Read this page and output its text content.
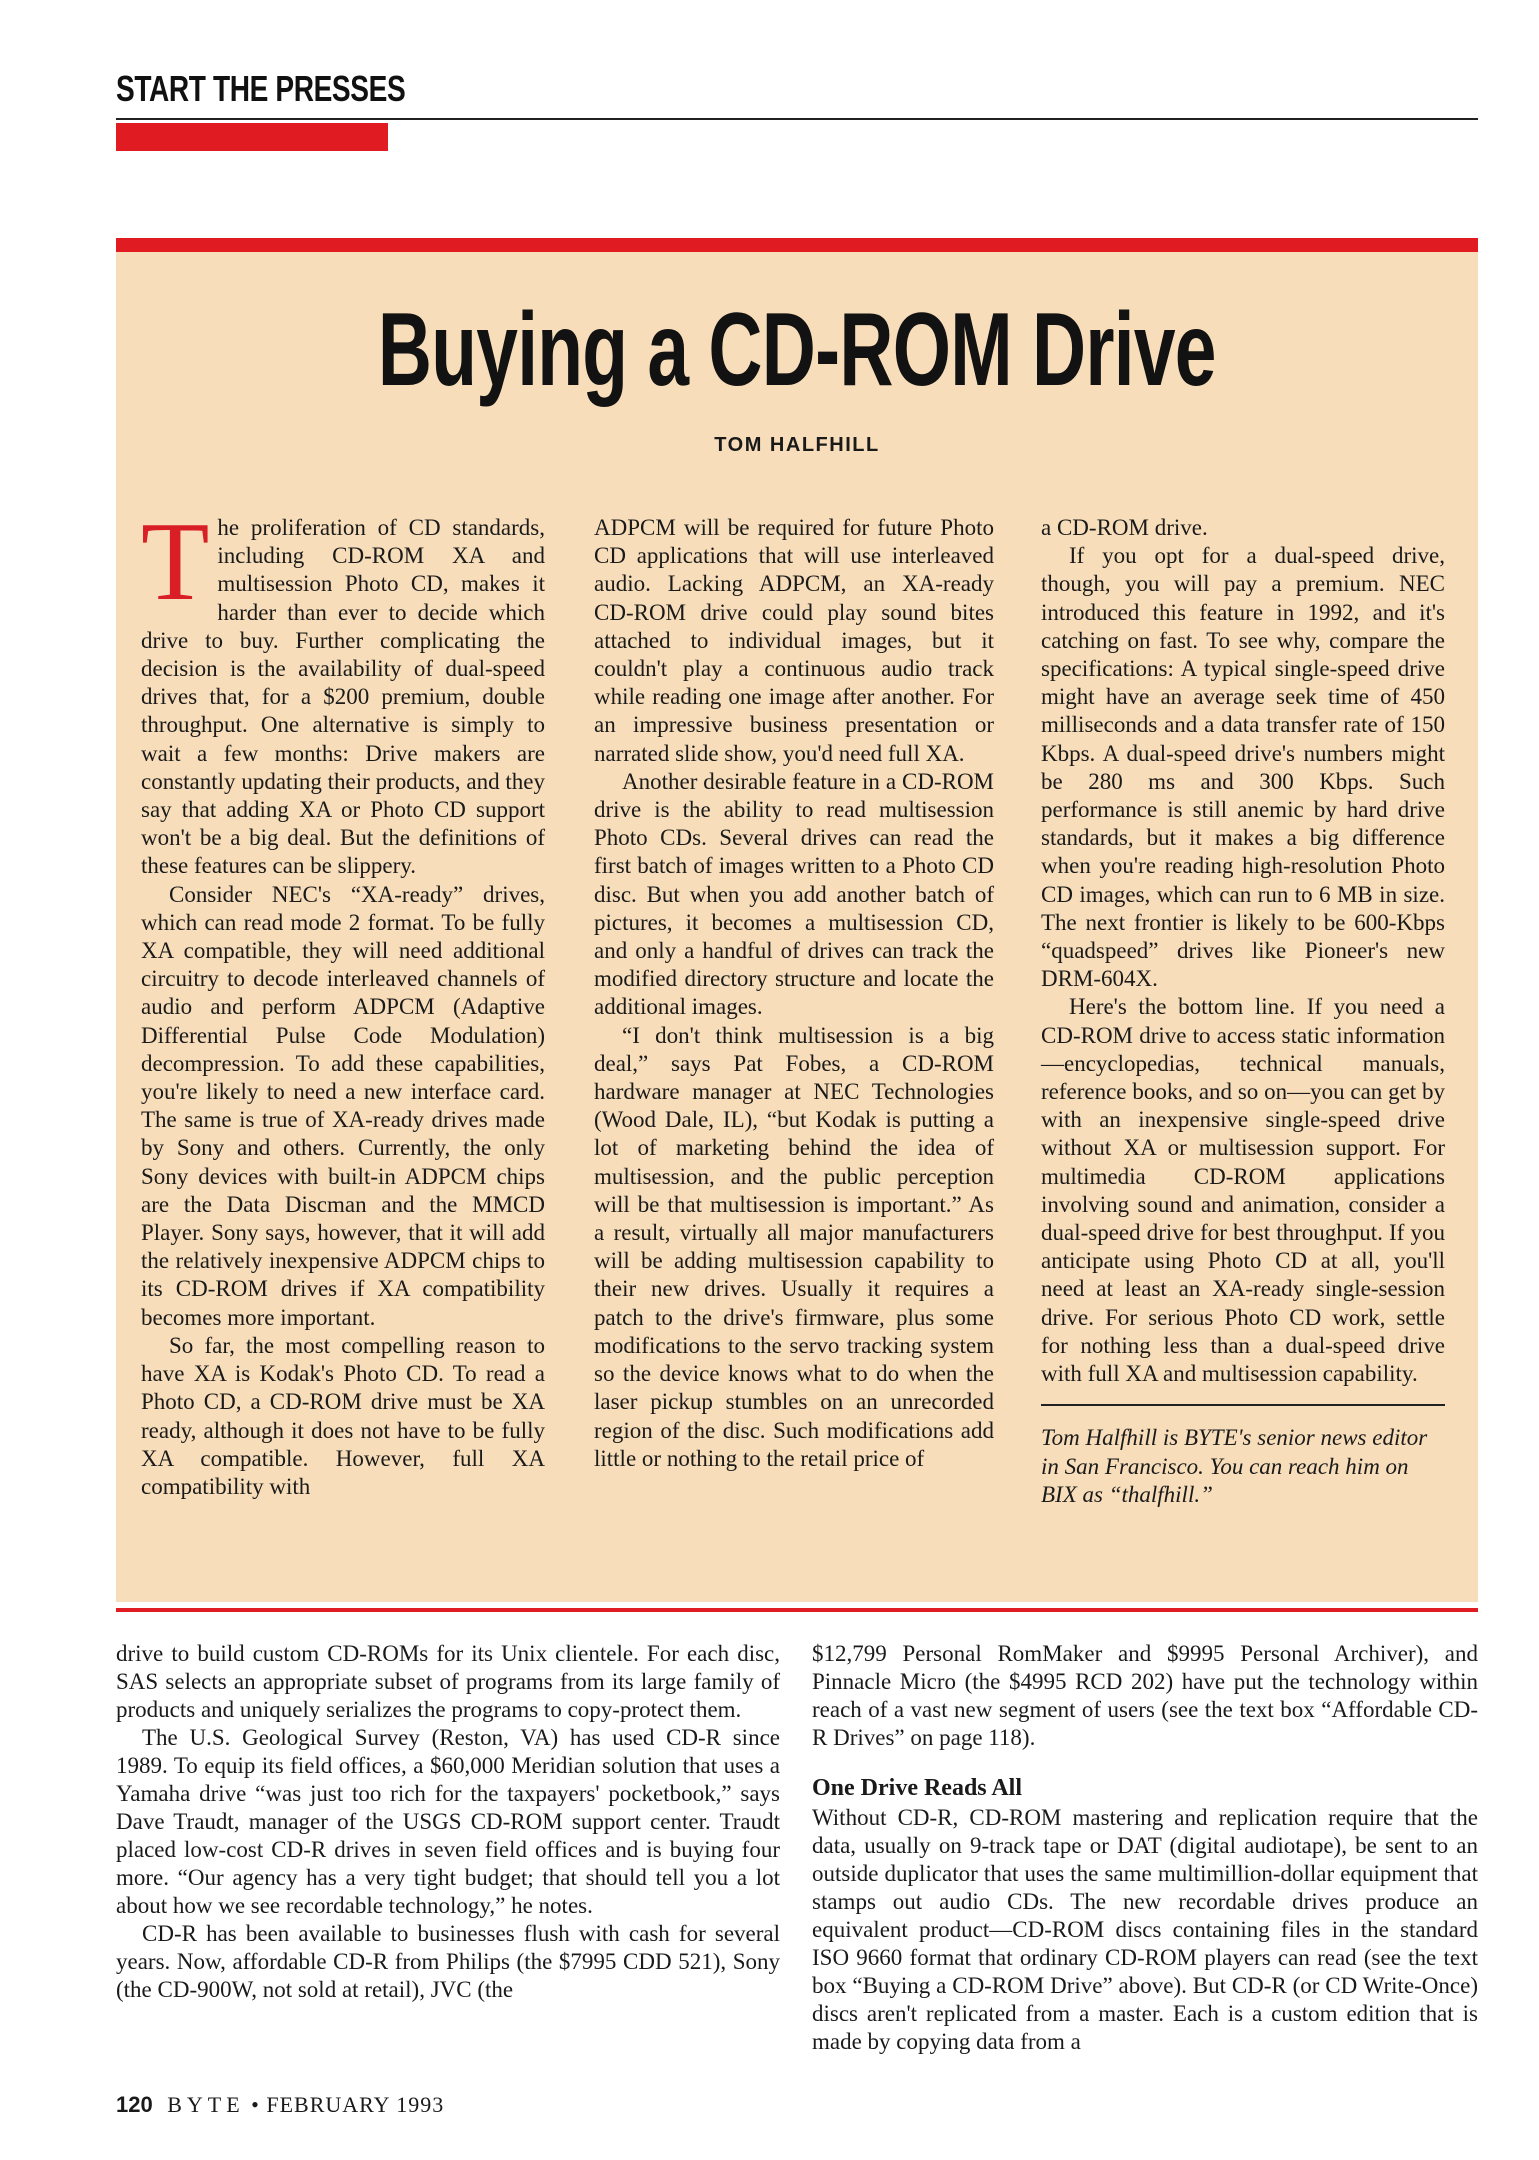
START THE PRESSES
Buying a CD-ROM Drive
TOM HALFHILL

The proliferation of CD standards, including CD-ROM XA and multisession Photo CD, makes it harder than ever to decide which drive to buy. Further complicating the decision is the availability of dual-speed drives that, for a $200 premium, double throughput. One alternative is simply to wait a few months: Drive makers are constantly updating their products, and they say that adding XA or Photo CD support won't be a big deal. But the definitions of these features can be slippery.

Consider NEC's “XA-ready” drives, which can read mode 2 format. To be fully XA compatible, they will need additional circuitry to decode interleaved channels of audio and perform ADPCM (Adaptive Differential Pulse Code Modulation) decompression. To add these capabilities, you're likely to need a new interface card. The same is true of XA-ready drives made by Sony and others. Currently, the only Sony devices with built-in ADPCM chips are the Data Discman and the MMCD Player. Sony says, however, that it will add the relatively inexpensive ADPCM chips to its CD-ROM drives if XA compatibility becomes more important.

So far, the most compelling reason to have XA is Kodak's Photo CD. To read a Photo CD, a CD-ROM drive must be XA ready, although it does not have to be fully XA compatible. However, full XA compatibility with

ADPCM will be required for future Photo CD applications that will use interleaved audio. Lacking ADPCM, an XA-ready CD-ROM drive could play sound bites attached to individual images, but it couldn't play a continuous audio track while reading one image after another. For an impressive business presentation or narrated slide show, you'd need full XA.

Another desirable feature in a CD-ROM drive is the ability to read multisession Photo CDs. Several drives can read the first batch of images written to a Photo CD disc. But when you add another batch of pictures, it becomes a multisession CD, and only a handful of drives can track the modified directory structure and locate the additional images.

“I don't think multisession is a big deal,” says Pat Fobes, a CD-ROM hardware manager at NEC Technologies (Wood Dale, IL), “but Kodak is putting a lot of marketing behind the idea of multisession, and the public perception will be that multisession is important.” As a result, virtually all major manufacturers will be adding multisession capability to their new drives. Usually it requires a patch to the drive's firmware, plus some modifications to the servo tracking system so the device knows what to do when the laser pickup stumbles on an unrecorded region of the disc. Such modifications add little or nothing to the retail price of

a CD-ROM drive.

If you opt for a dual-speed drive, though, you will pay a premium. NEC introduced this feature in 1992, and it's catching on fast. To see why, compare the specifications: A typical single-speed drive might have an average seek time of 450 milliseconds and a data transfer rate of 150 Kbps. A dual-speed drive's numbers might be 280 ms and 300 Kbps. Such performance is still anemic by hard drive standards, but it makes a big difference when you're reading high-resolution Photo CD images, which can run to 6 MB in size. The next frontier is likely to be 600-Kbps “quadspeed” drives like Pioneer's new DRM-604X.

Here's the bottom line. If you need a CD-ROM drive to access static information—encyclopedias, technical manuals, reference books, and so on—you can get by with an inexpensive single-speed drive without XA or multisession support. For multimedia CD-ROM applications involving sound and animation, consider a dual-speed drive for best throughput. If you anticipate using Photo CD at all, you'll need at least an XA-ready single-session drive. For serious Photo CD work, settle for nothing less than a dual-speed drive with full XA and multisession capability.

Tom Halfhill is BYTE's senior news editor in San Francisco. You can reach him on BIX as “thalfhill.”

drive to build custom CD-ROMs for its Unix clientele. For each disc, SAS selects an appropriate subset of programs from its large family of products and uniquely serializes the programs to copy-protect them.

The U.S. Geological Survey (Reston, VA) has used CD-R since 1989. To equip its field offices, a $60,000 Meridian solution that uses a Yamaha drive “was just too rich for the taxpayers' pocketbook,” says Dave Traudt, manager of the USGS CD-ROM support center. Traudt placed low-cost CD-R drives in seven field offices and is buying four more. “Our agency has a very tight budget; that should tell you a lot about how we see recordable technology,” he notes.

CD-R has been available to businesses flush with cash for several years. Now, affordable CD-R from Philips (the $7995 CDD 521), Sony (the CD-900W, not sold at retail), JVC (the

$12,799 Personal RomMaker and $9995 Personal Archiver), and Pinnacle Micro (the $4995 RCD 202) have put the technology within reach of a vast new segment of users (see the text box “Affordable CD-R Drives” on page 118).

One Drive Reads All

Without CD-R, CD-ROM mastering and replication require that the data, usually on 9-track tape or DAT (digital audiotape), be sent to an outside duplicator that uses the same multimillion-dollar equipment that stamps out audio CDs. The new recordable drives produce an equivalent product—CD-ROM discs containing files in the standard ISO 9660 format that ordinary CD-ROM players can read (see the text box “Buying a CD-ROM Drive” above). But CD-R (or CD Write-Once) discs aren't replicated from a master. Each is a custom edition that is made by copying data from a

120 BYTE • FEBRUARY 1993
